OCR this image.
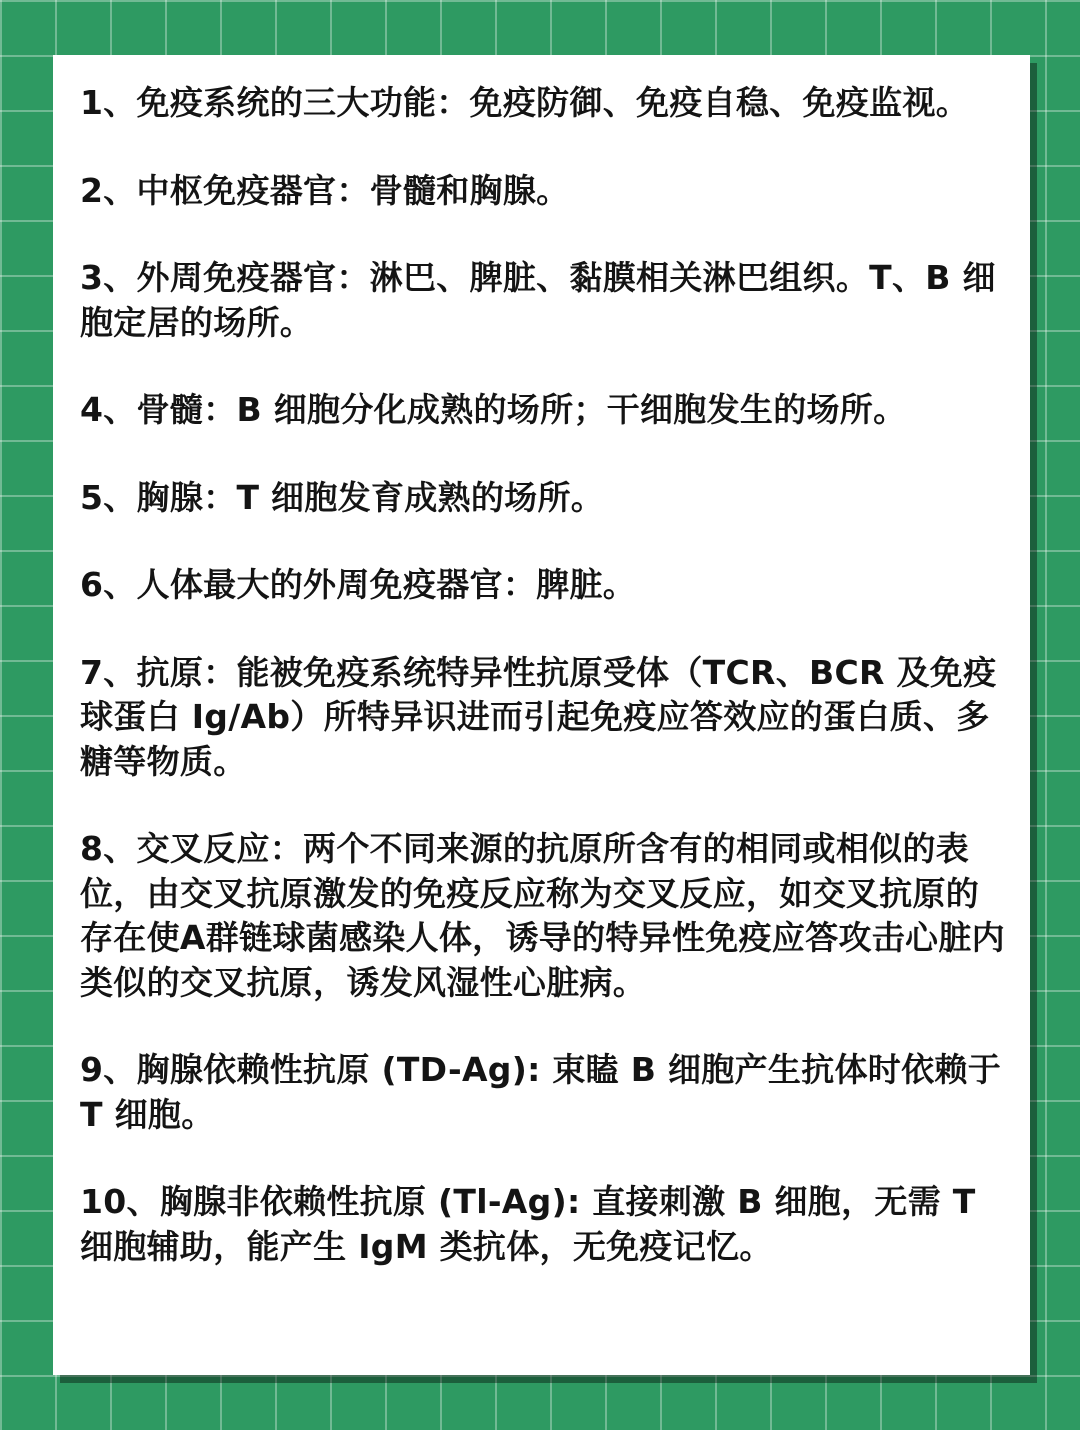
1、免疫系统的三大功能：免疫防御、免疫自稳、免疫监视。

2、中枢免疫器官：骨髓和胸腺。

3、外周免疫器官：淋巴、脾脏、黏膜相关淋巴组织。T、B 细胞定居的场所。

4、骨髓：B 细胞分化成熟的场所；干细胞发生的场所。

5、胸腺：T 细胞发育成熟的场所。

6、人体最大的外周免疫器官：脾脏。

7、抗原：能被免疫系统特异性抗原受体（TCR、BCR 及免疫球蛋白 Ig/Ab）所特异识进而引起免疫应答效应的蛋白质、多糖等物质。

8、交叉反应：两个不同来源的抗原所含有的相同或相似的表位，由交叉抗原激发的免疫反应称为交叉反应，如交叉抗原的存在使A群链球菌感染人体，诱导的特异性免疫应答攻击心脏内类似的交叉抗原，诱发风湿性心脏病。

9、胸腺依赖性抗原 (TD-Ag): 束瞌 B 细胞产生抗体时依赖于 T 细胞。

10、胸腺非依赖性抗原 (Tl-Ag): 直接刺激 B 细胞，无需 T 细胞辅助，能产生 IgM 类抗体，无免疫记忆。
